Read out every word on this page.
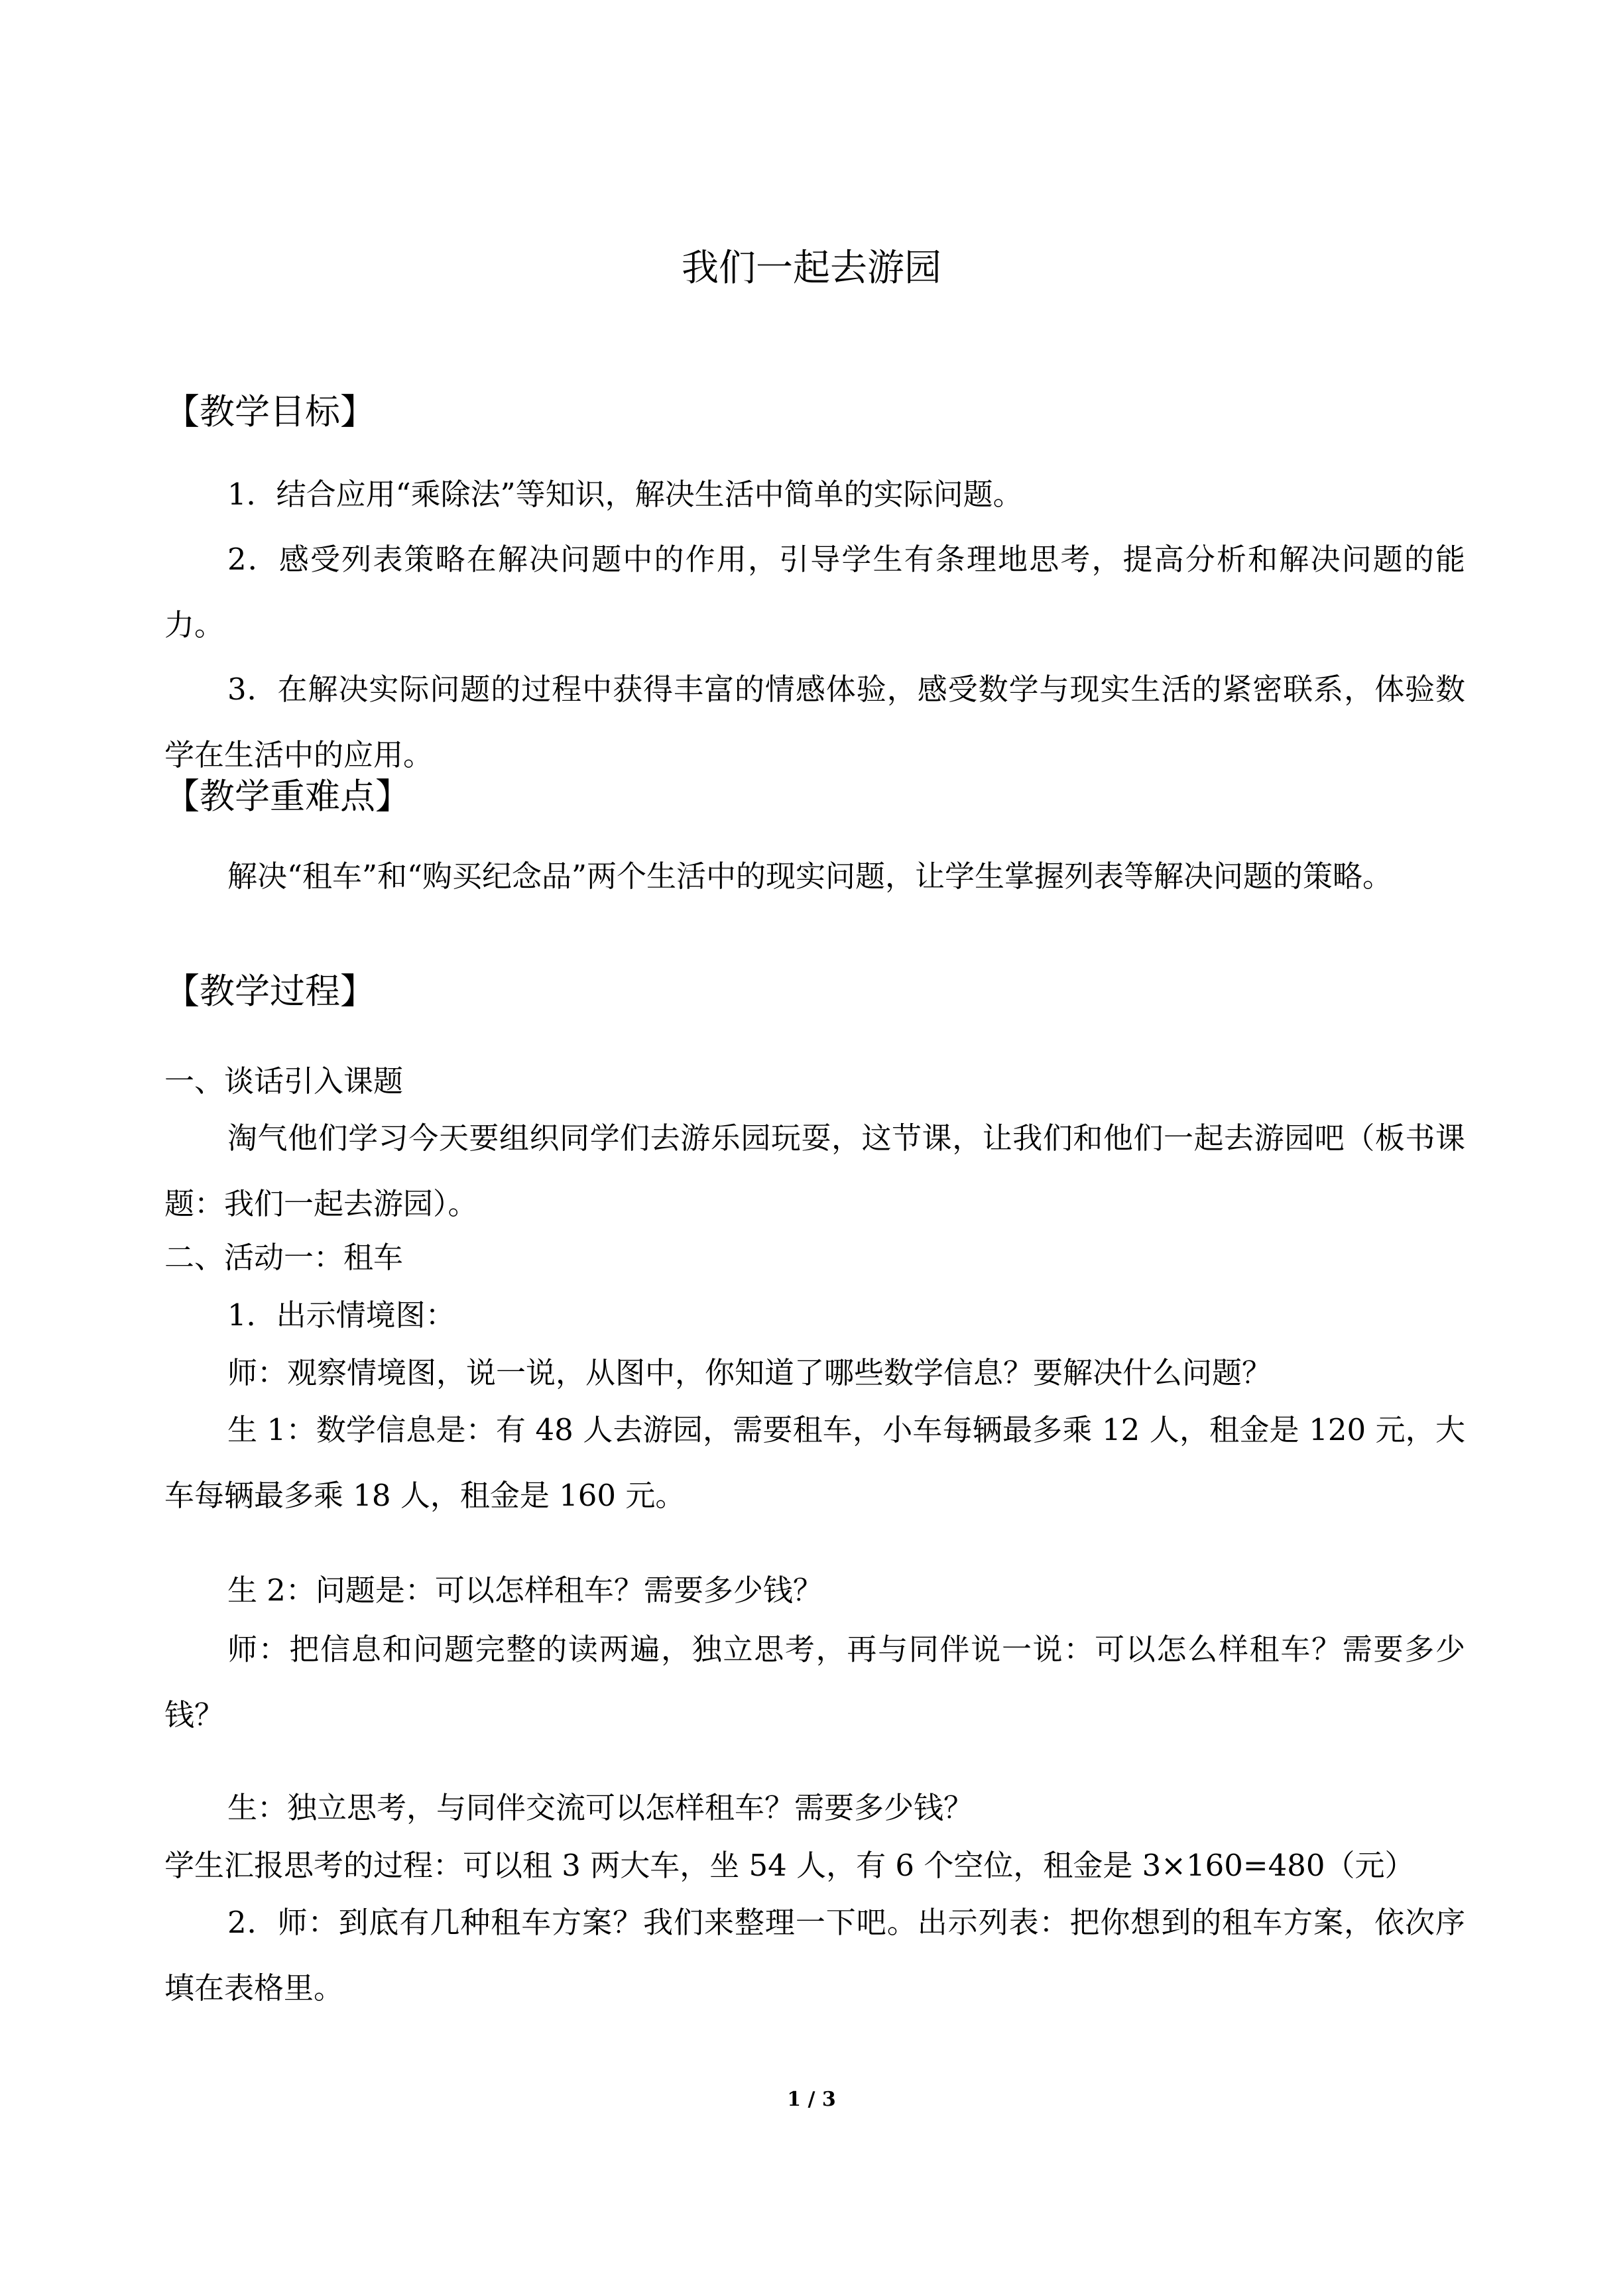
我们一起去游园
【教学目标】

1．结合应用“乘除法”等知识，解决生活中简单的实际问题。

2．感受列表策略在解决问题中的作用，引导学生有条理地思考，提高分析和解决问题的能力。

3．在解决实际问题的过程中获得丰富的情感体验，感受数学与现实生活的紧密联系，体验数学在生活中的应用。

【教学重难点】

解决“租车”和“购买纪念品”两个生活中的现实问题，让学生掌握列表等解决问题的策略。

【教学过程】
一、谈话引入课题

淘气他们学习今天要组织同学们去游乐园玩耍，这节课，让我们和他们一起去游园吧（板书课题：我们一起去游园）。

二、活动一：租车
1．出示情境图：
师：观察情境图，说一说，从图中，你知道了哪些数学信息？要解决什么问题？

生 1：数学信息是：有 48 人去游园，需要租车，小车每辆最多乘 12 人，租金是 120 元，大车每辆最多乘 18 人，租金是 160 元。

生 2：问题是：可以怎样租车？需要多少钱？

师：把信息和问题完整的读两遍，独立思考，再与同伴说一说：可以怎么样租车？需要多少钱？

生：独立思考，与同伴交流可以怎样租车？需要多少钱？
学生汇报思考的过程：可以租 3 两大车，坐 54 人，有 6 个空位，租金是 3×160=480（元）

2．师：到底有几种租车方案？我们来整理一下吧。出示列表：把你想到的租车方案，依次序填在表格里。

1 / 3
